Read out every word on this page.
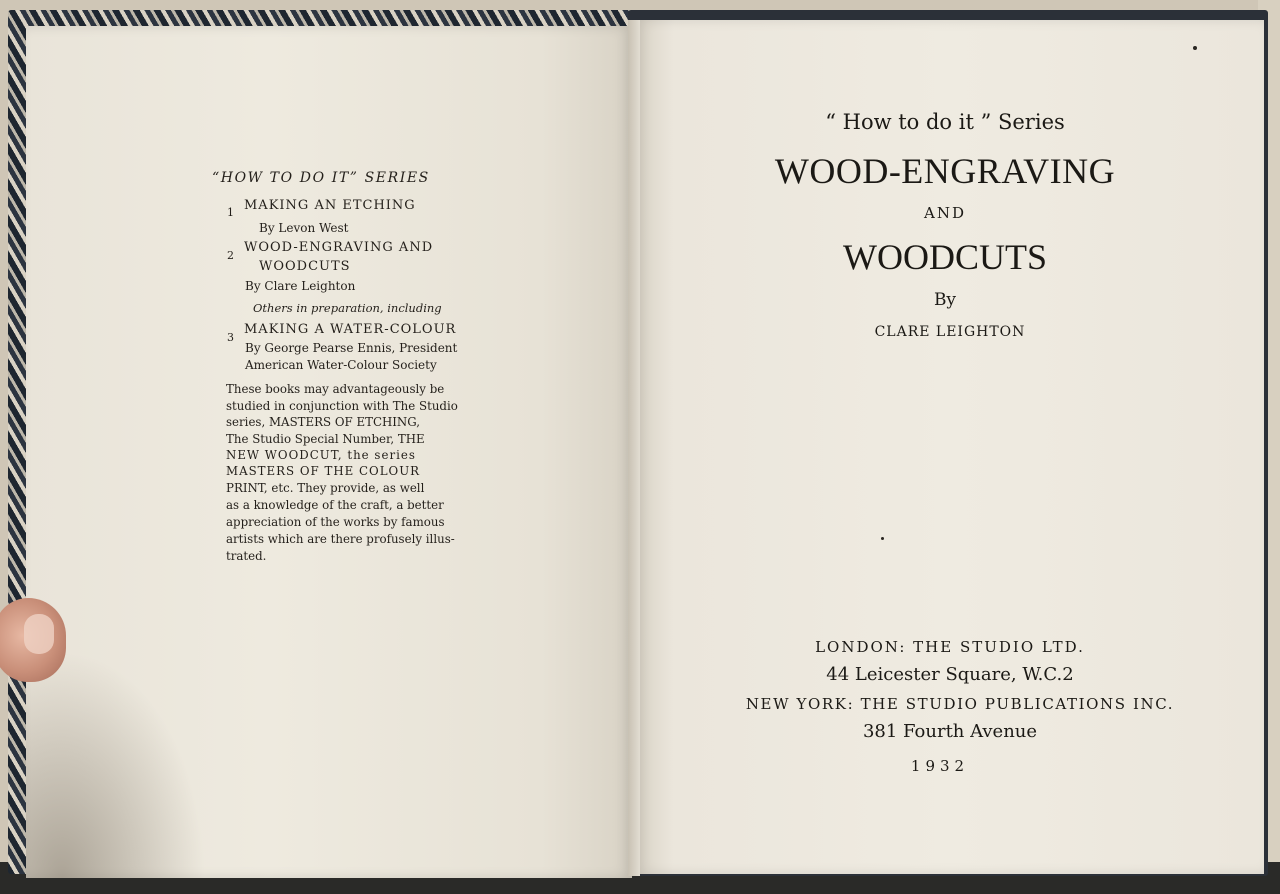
“HOW TO DO IT” SERIES
1 MAKING AN ETCHING
By Levon West
2
WOOD-ENGRAVING AND
WOODCUTS
By Clare Leighton
Others in preparation, including
3
MAKING A WATER-COLOUR
By George Pearse Ennis, President
American Water-Colour Society
These books may advantageously be
studied in conjunction with The Studio
series, MASTERS OF ETCHING,
The Studio Special Number, THE
NEW WOODCUT, the series
MASTERS OF THE COLOUR
PRINT, etc. They provide, as well
as a knowledge of the craft, a better
appreciation of the works by famous
artists which are there profusely illus-
trated.
“ How to do it ” Series
WOOD-ENGRAVING
AND
WOODCUTS
By
CLARE LEIGHTON
LONDON: THE STUDIO LTD.
44 Leicester Square, W.C.2
NEW YORK: THE STUDIO PUBLICATIONS INC.
381 Fourth Avenue
1932
